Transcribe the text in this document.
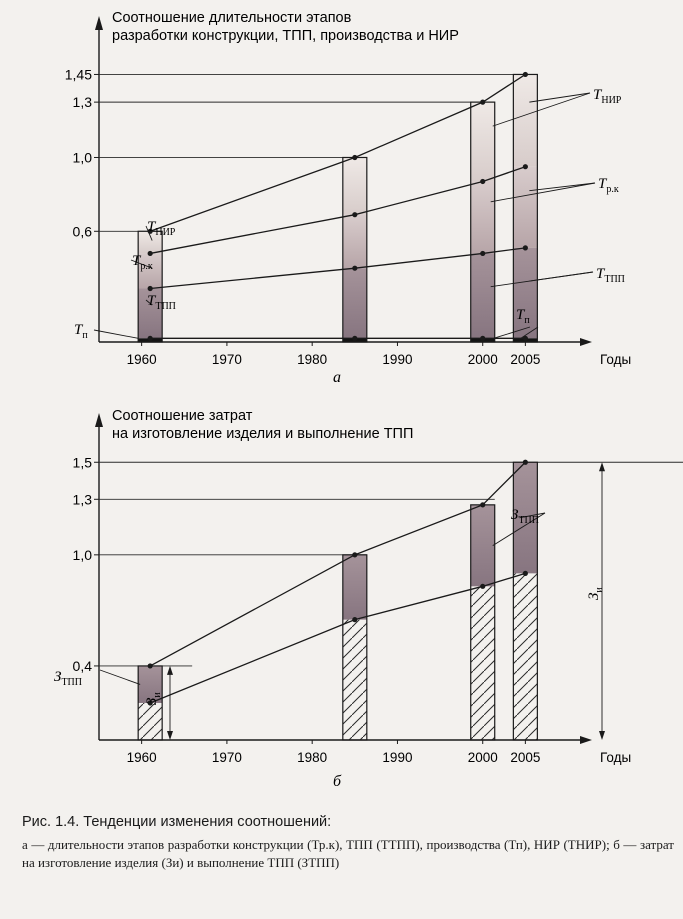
Соотношение длительности этапов
разработки конструкции, ТПП, производства и НИР
0,6
1,0
1,3
1,45
1960	1970	1980	1990	2000 2005	Годы
а
Соотношение затрат
на изготовление изделия и выполнение ТПП
0,4
1,0
1,3
1,5
1960	1970	1980	1990	2000 2005	Годы
б
$Т_{НИР}$
$Т_{р.к}$
$Т_{ТПП}$
$Т_п$
$Т_{НИР}$
$Т_{р.к}$
$Т_{ТПП}$
$Т_п$
$З_{ТПП}$
$З_{ТПП}$
$З_и$
$З_и$
Рис. 1.4. Тенденции изменения соотношений:
а — длительности этапов разработки конструкции (Тр.к), ТПП (ТТПП), производства (Тп), НИР (ТНИР); б — затрат на изготовление изделия (Зи) и выполнение ТПП (ЗТПП)
